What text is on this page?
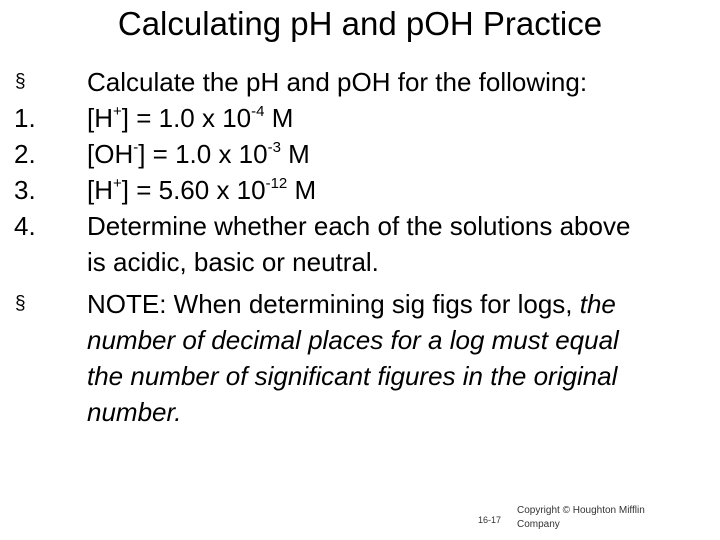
Calculating pH and pOH Practice
§ Calculate the pH and pOH for the following:
1. [H+] = 1.0 x $10^{-4}$ M
2. [OH-] = 1.0 x $10^{-3}$ M
3. [H+] = 5.60 x $10^{-12}$ M
4. Determine whether each of the solutions above
is acidic, basic or neutral.
§ NOTE: When determining sig figs for logs, the
number of decimal places for a log must equal
the number of significant figures in the original
number.
16-17
Copyright © Houghton Mifflin
Company
